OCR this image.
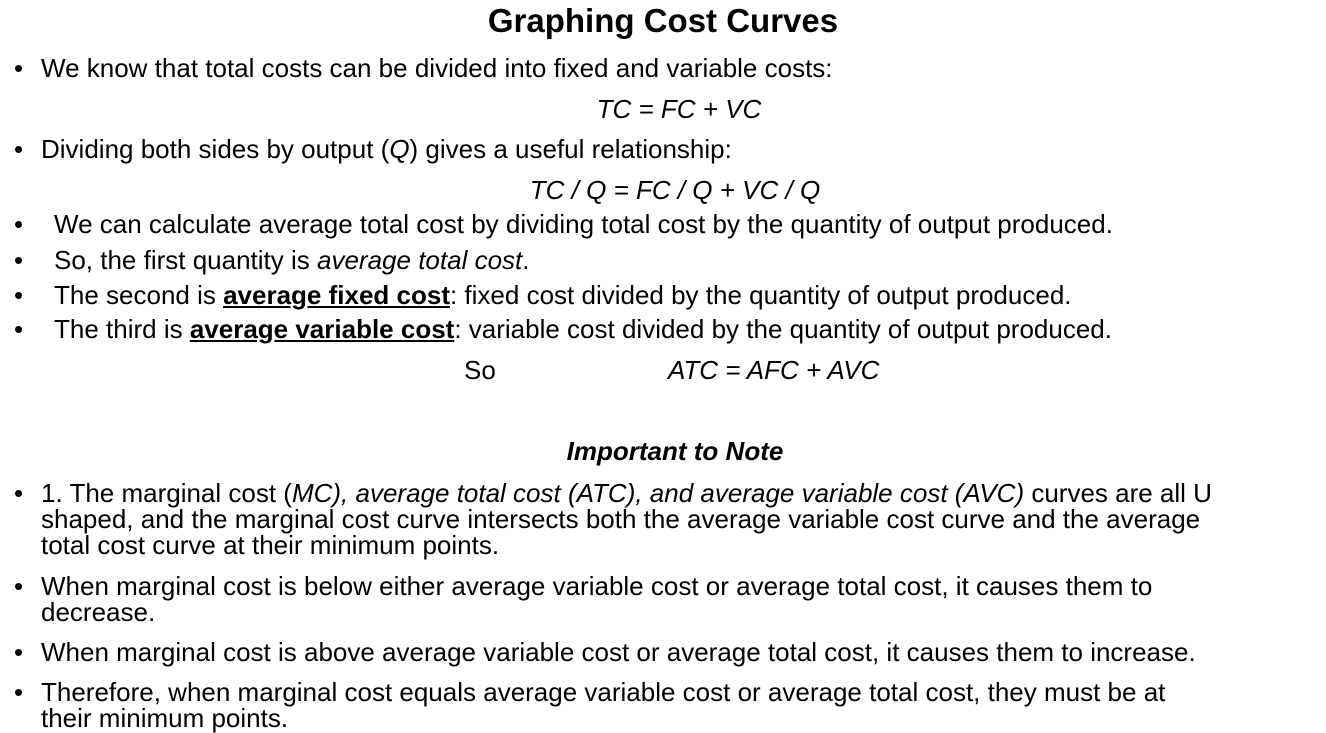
Graphing Cost Curves
• We know that total costs can be divided into fixed and variable costs:
TC = FC + VC
• Dividing both sides by output (Q) gives a useful relationship:
TC / Q = FC / Q + VC / Q
• We can calculate average total cost by dividing total cost by the quantity of output produced.
• So, the first quantity is average total cost.
• The second is average fixed cost: fixed cost divided by the quantity of output produced.
• The third is average variable cost: variable cost divided by the quantity of output produced.
So	ATC = AFC + AVC
Important to Note
• 1. The marginal cost (MC), average total cost (ATC), and average variable cost (AVC) curves are all U
shaped, and the marginal cost curve intersects both the average variable cost curve and the average
total cost curve at their minimum points.
• When marginal cost is below either average variable cost or average total cost, it causes them to
decrease.
• When marginal cost is above average variable cost or average total cost, it causes them to increase.
• Therefore, when marginal cost equals average variable cost or average total cost, they must be at
their minimum points.
